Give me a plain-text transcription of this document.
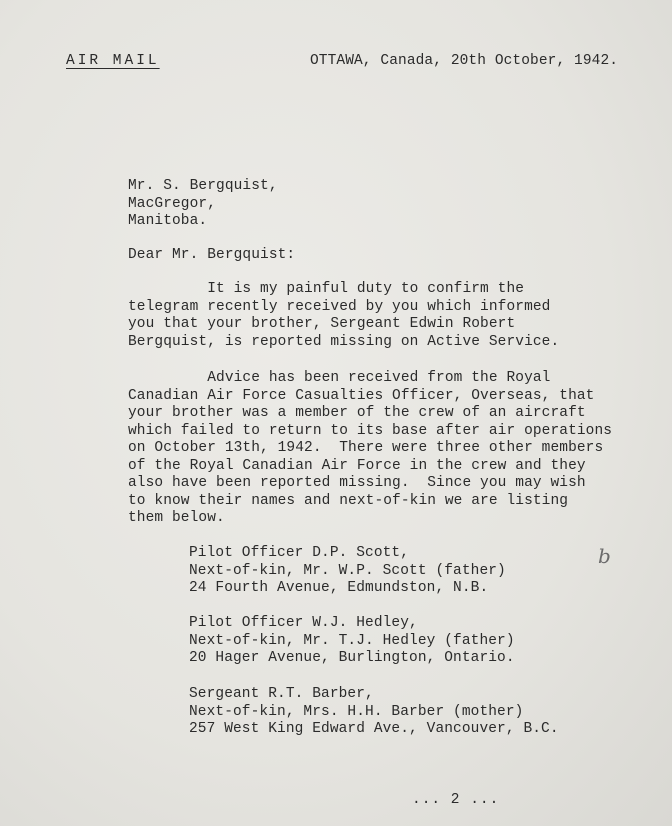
AIR MAIL	OTTAWA, Canada, 20th October, 1942.
Mr. S. Bergquist,
MacGregor,
Manitoba.
Dear Mr. Bergquist:
It is my painful duty to confirm the
telegram recently received by you which informed
you that your brother, Sergeant Edwin Robert
Bergquist, is reported missing on Active Service.
Advice has been received from the Royal
Canadian Air Force Casualties Officer, Overseas, that
your brother was a member of the crew of an aircraft
which failed to return to its base after air operations
on October 13th, 1942.  There were three other members
of the Royal Canadian Air Force in the crew and they
also have been reported missing.  Since you may wish
to know their names and next-of-kin we are listing
them below.
Pilot Officer D.P. Scott,
Next-of-kin, Mr. W.P. Scott (father)
24 Fourth Avenue, Edmundston, N.B.
Pilot Officer W.J. Hedley,
Next-of-kin, Mr. T.J. Hedley (father)
20 Hager Avenue, Burlington, Ontario.
Sergeant R.T. Barber,
Next-of-kin, Mrs. H.H. Barber (mother)
257 West King Edward Ave., Vancouver, B.C.
b
... 2 ...
